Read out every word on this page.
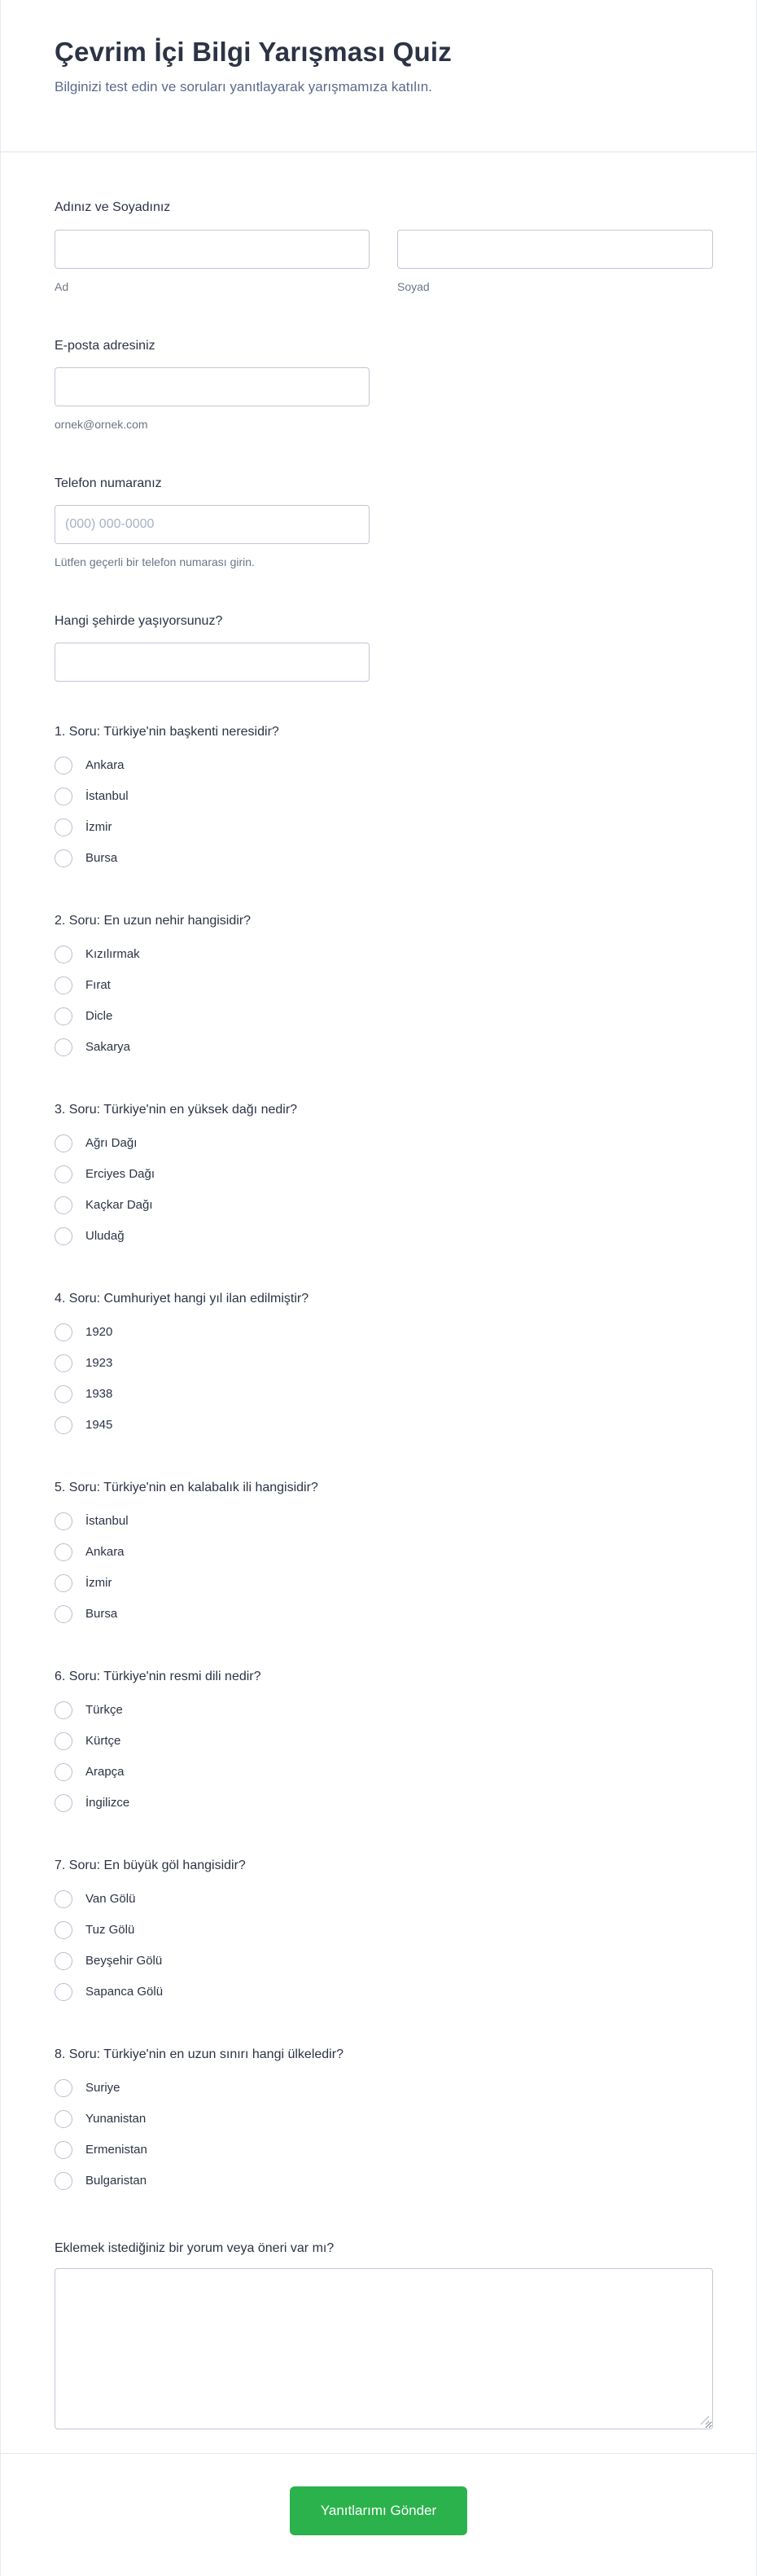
Çevrim İçi Bilgi Yarışması Quiz

Bilginizi test edin ve soruları yanıtlayarak yarışmamıza katılın.

Adınız ve Soyadınız
Ad	Soyad
E-posta adresiniz
ornek@ornek.com
Telefon numaranız
(000) 000-0000
Lütfen geçerli bir telefon numarası girin.
Hangi şehirde yaşıyorsunuz?
1. Soru: Türkiye'nin başkenti neresidir?
Ankara
İstanbul
İzmir
Bursa
2. Soru: En uzun nehir hangisidir?
Kızılırmak
Fırat
Dicle
Sakarya
3. Soru: Türkiye'nin en yüksek dağı nedir?
Ağrı Dağı
Erciyes Dağı
Kaçkar Dağı
Uludağ
4. Soru: Cumhuriyet hangi yıl ilan edilmiştir?
1920
1923
1938
1945
5. Soru: Türkiye'nin en kalabalık ili hangisidir?
İstanbul
Ankara
İzmir
Bursa
6. Soru: Türkiye'nin resmi dili nedir?
Türkçe
Kürtçe
Arapça
İngilizce
7. Soru: En büyük göl hangisidir?
Van Gölü
Tuz Gölü
Beyşehir Gölü
Sapanca Gölü
8. Soru: Türkiye'nin en uzun sınırı hangi ülkeledir?
Suriye
Yunanistan
Ermenistan
Bulgaristan
Eklemek istediğiniz bir yorum veya öneri var mı?
Yanıtlarımı Gönder
